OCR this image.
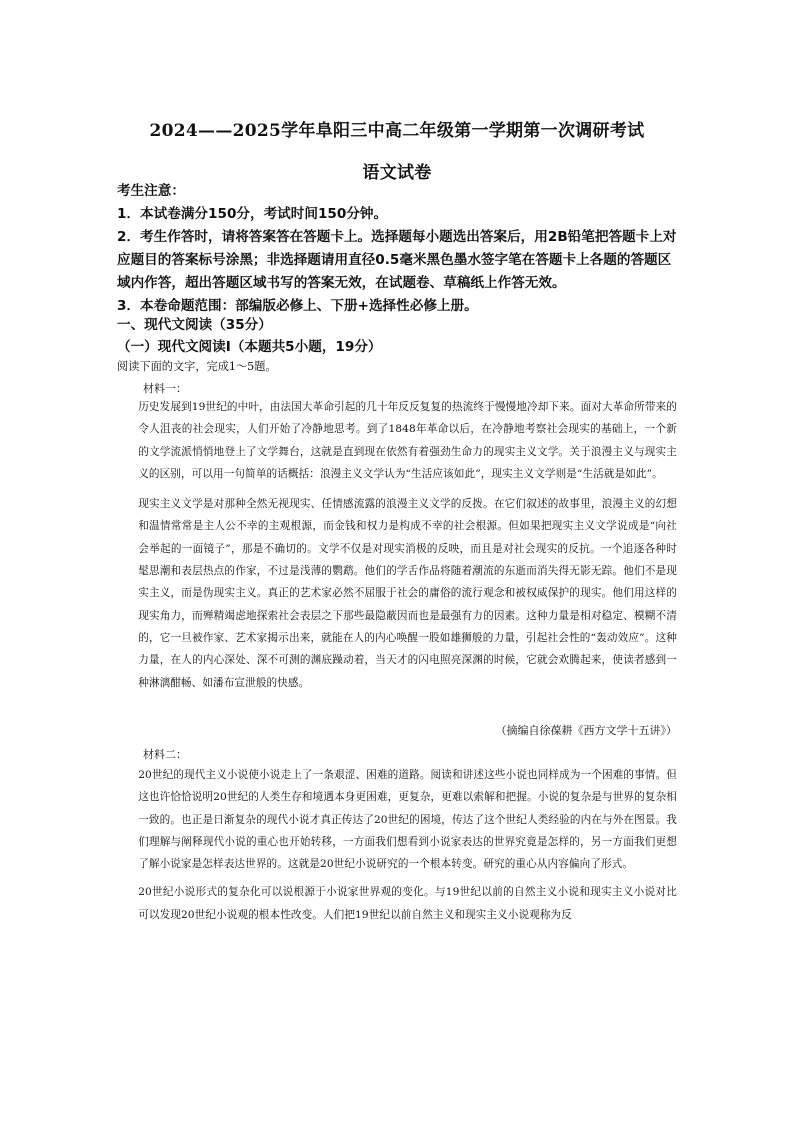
2024——2025学年阜阳三中高二年级第一学期第一次调研考试
语文试卷

考生注意：

1．本试卷满分150分，考试时间150分钟。

2．考生作答时，请将答案答在答题卡上。选择题每小题选出答案后，用2B铅笔把答题卡上对应题目的答案标号涂黑；非选择题请用直径0.5毫米黑色墨水签字笔在答题卡上各题的答题区域内作答，超出答题区域书写的答案无效，在试题卷、草稿纸上作答无效。

3．本卷命题范围：部编版必修上、下册+选择性必修上册。

一、现代文阅读（35分）

（一）现代文阅读Ⅰ（本题共5小题，19分）

阅读下面的文字，完成1～5题。

材料一：

历史发展到19世纪的中叶，由法国大革命引起的几十年反反复复的热流终于慢慢地冷却下来。面对大革命所带来的令人沮丧的社会现实，人们开始了冷静地思考。到了1848年革命以后，在冷静地考察社会现实的基础上，一个新的文学流派悄悄地登上了文学舞台，这就是直到现在依然有着强劲生命力的现实主义文学。关于浪漫主义与现实主义的区别，可以用一句简单的话概括：浪漫主义文学认为“生活应该如此”，现实主义文学则是“生活就是如此”。
现实主义文学是对那种全然无视现实、任情感流露的浪漫主义文学的反拨。在它们叙述的故事里，浪漫主义的幻想和温情常常是主人公不幸的主观根源，而金钱和权力是构成不幸的社会根源。但如果把现实主义文学说成是“向社会举起的一面镜子”，那是不确切的。文学不仅是对现实消极的反映，而且是对社会现实的反抗。一个追逐各种时髦思潮和表层热点的作家，不过是浅薄的鹦鹉。他们的学舌作品将随着潮流的东逝而消失得无影无踪。他们不是现实主义，而是伪现实主义。真正的艺术家必然不屈服于社会的庸俗的流行观念和被权威保护的现实。他们用这样的现实角力，而殚精竭虑地探索社会表层之下那些最隐蔽因而也是最强有力的因素。这种力量是相对稳定、模糊不清的，它一旦被作家、艺术家揭示出来，就能在人的内心唤醒一股如雄狮般的力量，引起社会性的“轰动效应”。这种力量，在人的内心深处、深不可测的渊底躁动着，当天才的闪电照亮深渊的时候，它就会欢腾起来，使读者感到一种淋漓酣畅、如潘布宣泄般的快感。

（摘编自徐葆耕《西方文学十五讲》）

材料二：

20世纪的现代主义小说使小说走上了一条艰涩、困难的道路。阅读和讲述这些小说也同样成为一个困难的事情。但这也许恰恰说明20世纪的人类生存和境遇本身更困难，更复杂，更难以索解和把握。小说的复杂是与世界的复杂相一致的。也正是日渐复杂的现代小说才真正传达了20世纪的困境，传达了这个世纪人类经验的内在与外在图景。我们理解与阐释现代小说的重心也开始转移，一方面我们想看到小说家表达的世界究竟是怎样的，另一方面我们更想了解小说家是怎样表达世界的。这就是20世纪小说研究的一个根本转变。研究的重心从内容偏向了形式。
20世纪小说形式的复杂化可以说根源于小说家世界观的变化。与19世纪以前的自然主义小说和现实主义小说对比可以发现20世纪小说观的根本性改变。人们把19世纪以前自然主义和现实主义小说观称为反
